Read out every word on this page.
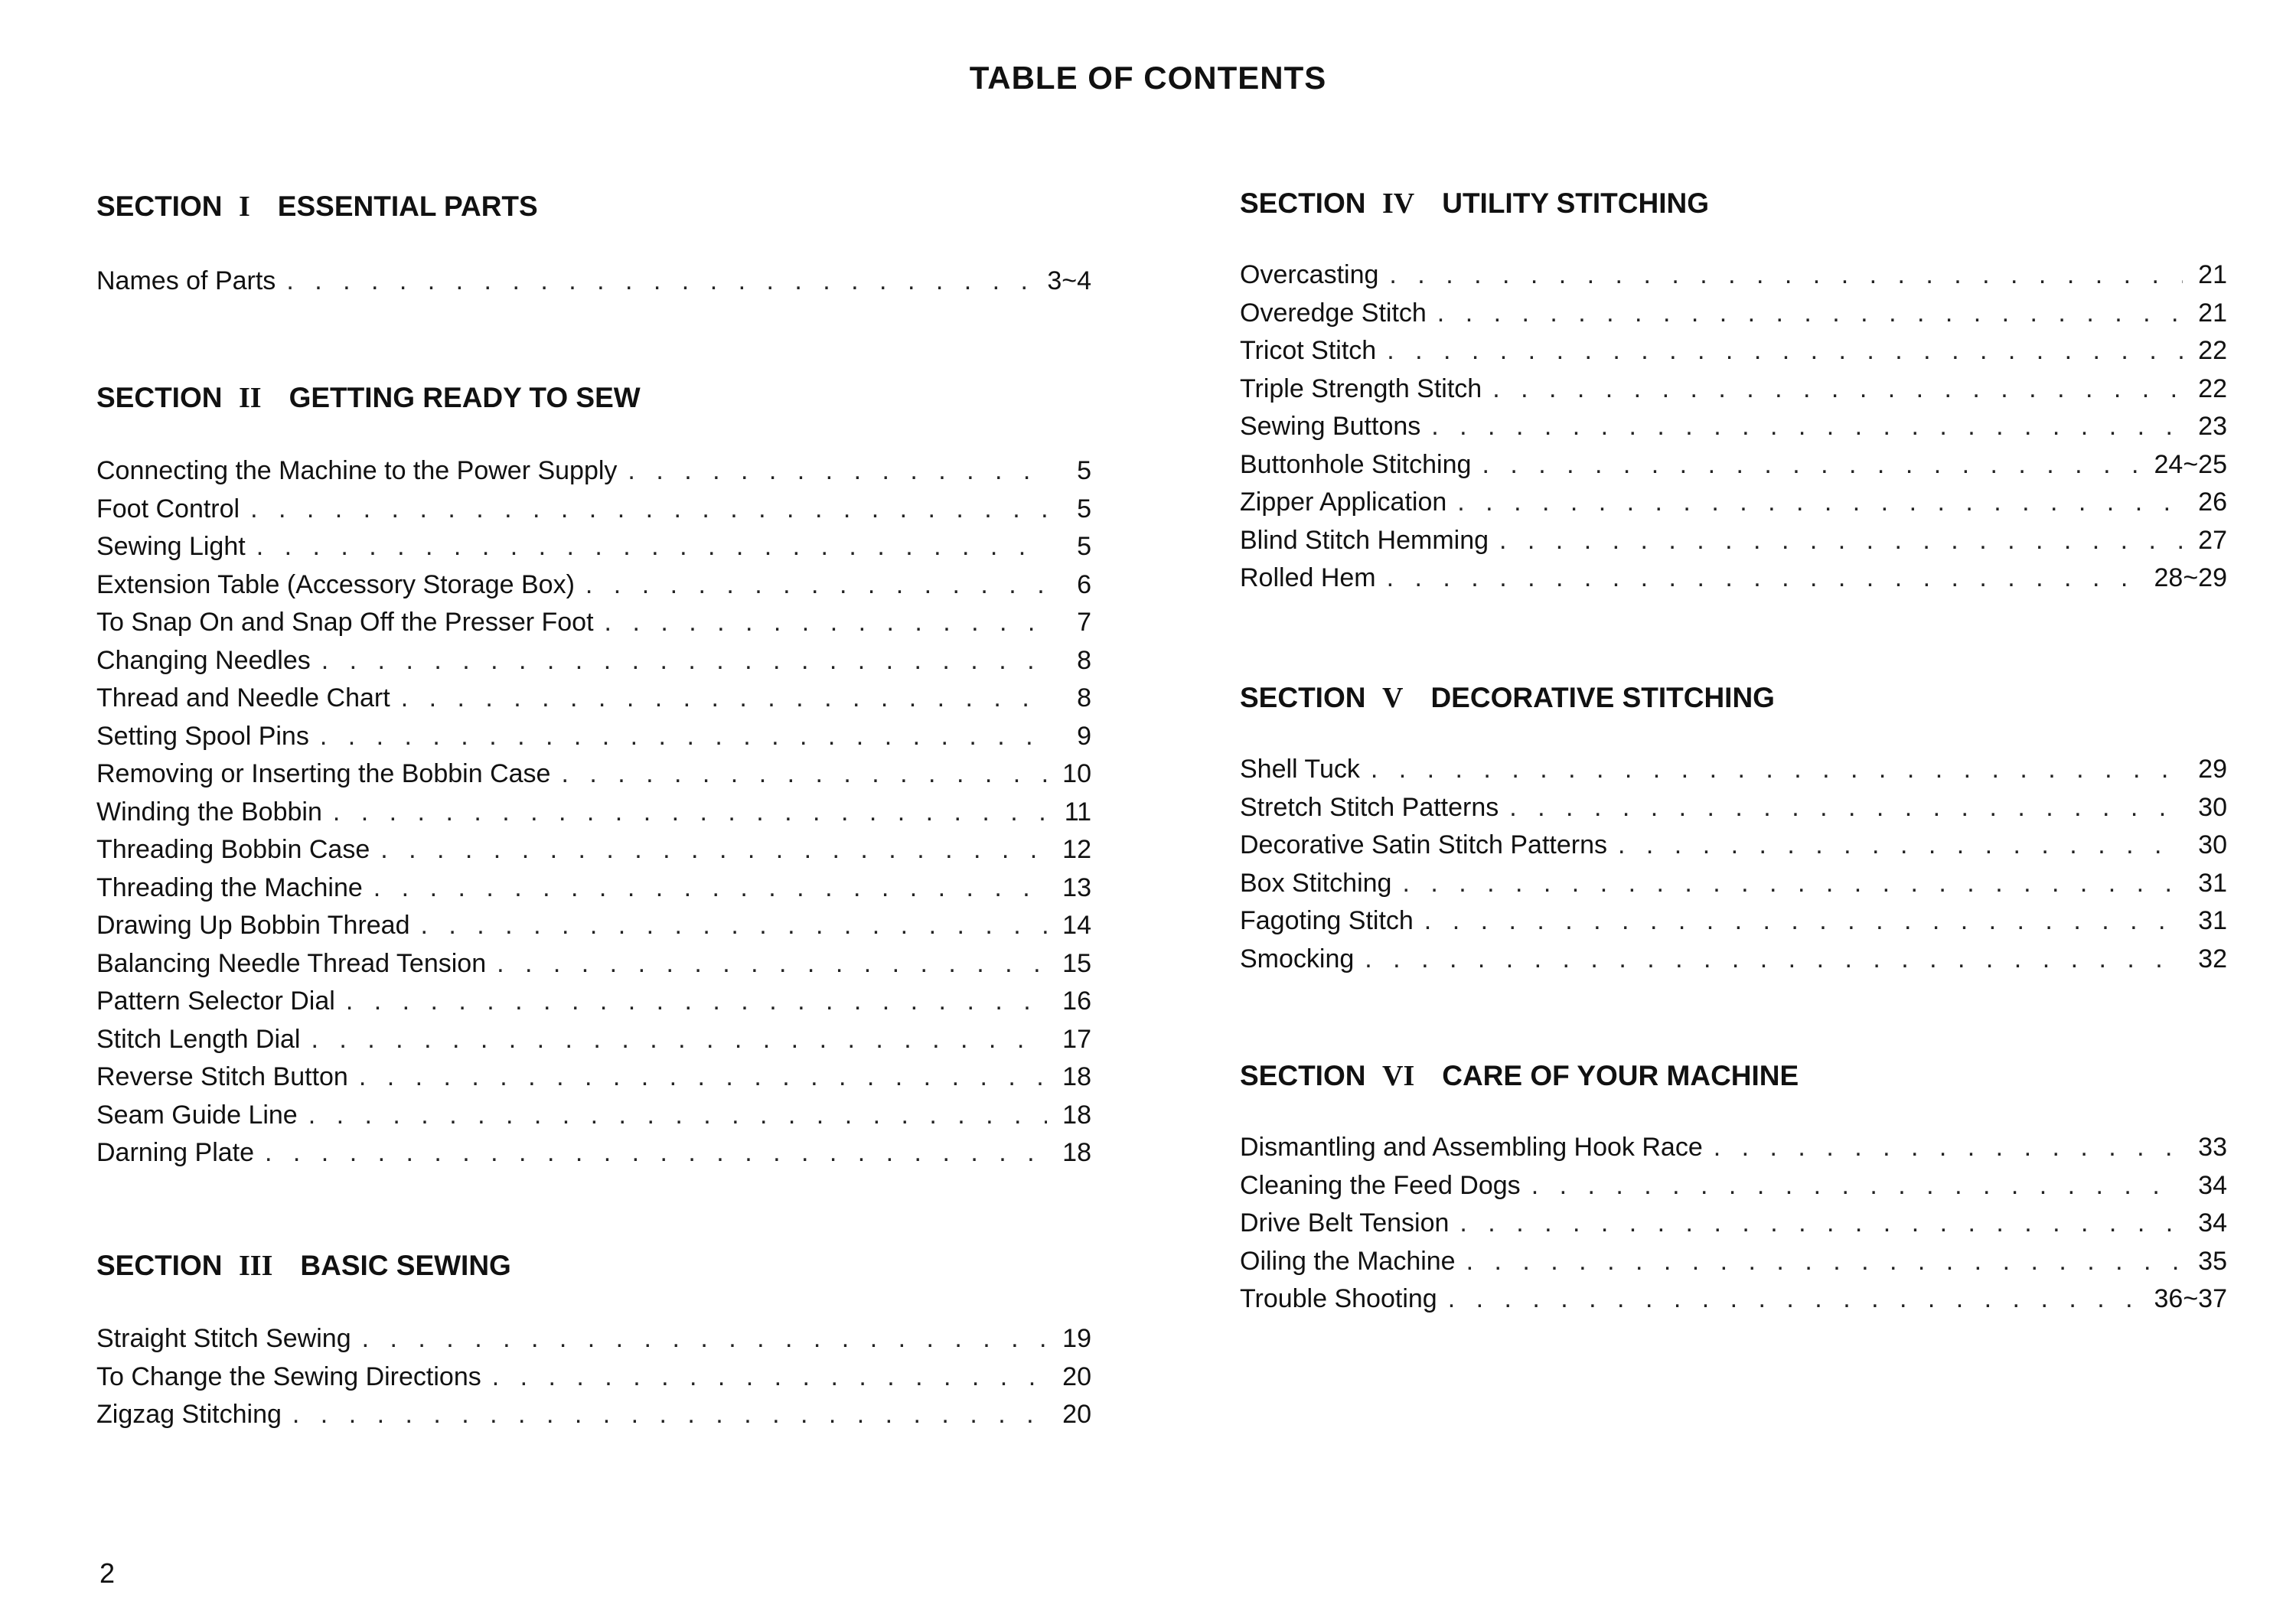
TABLE OF CONTENTS
SECTION I ESSENTIAL PARTS
Names of Parts . . .	3~4
SECTION II GETTING READY TO SEW
Connecting the Machine to the Power Supply . . .	5
Foot Control . . .	5
Sewing Light . . .	5
Extension Table (Accessory Storage Box) . . .	6
To Snap On and Snap Off the Presser Foot . . .	7
Changing Needles . . .	8
Thread and Needle Chart . . .	8
Setting Spool Pins . . .	9
Removing or Inserting the Bobbin Case . . .	10
Winding the Bobbin . . .	11
Threading Bobbin Case . . .	12
Threading the Machine . . .	13
Drawing Up Bobbin Thread . . .	14
Balancing Needle Thread Tension . . .	15
Pattern Selector Dial . . .	16
Stitch Length Dial . . .	17
Reverse Stitch Button . . .	18
Seam Guide Line . . .	18
Darning Plate . . .	18
SECTION III BASIC SEWING
Straight Stitch Sewing . . .	19
To Change the Sewing Directions . . .	20
Zigzag Stitching . . .	20
SECTION IV UTILITY STITCHING
Overcasting . . .	21
Overedge Stitch . . .	21
Tricot Stitch . . .	22
Triple Strength Stitch . . .	22
Sewing Buttons . . .	23
Buttonhole Stitching . . .	24~25
Zipper Application . . .	26
Blind Stitch Hemming . . .	27
Rolled Hem . . .	28~29
SECTION V DECORATIVE STITCHING
Shell Tuck . . .	29
Stretch Stitch Patterns . . .	30
Decorative Satin Stitch Patterns . . .	30
Box Stitching . . .	31
Fagoting Stitch . . .	31
Smocking . . .	32
SECTION VI CARE OF YOUR MACHINE
Dismantling and Assembling Hook Race . . .	33
Cleaning the Feed Dogs . . .	34
Drive Belt Tension . . .	34
Oiling the Machine . . .	35
Trouble Shooting . . .	36~37
2
